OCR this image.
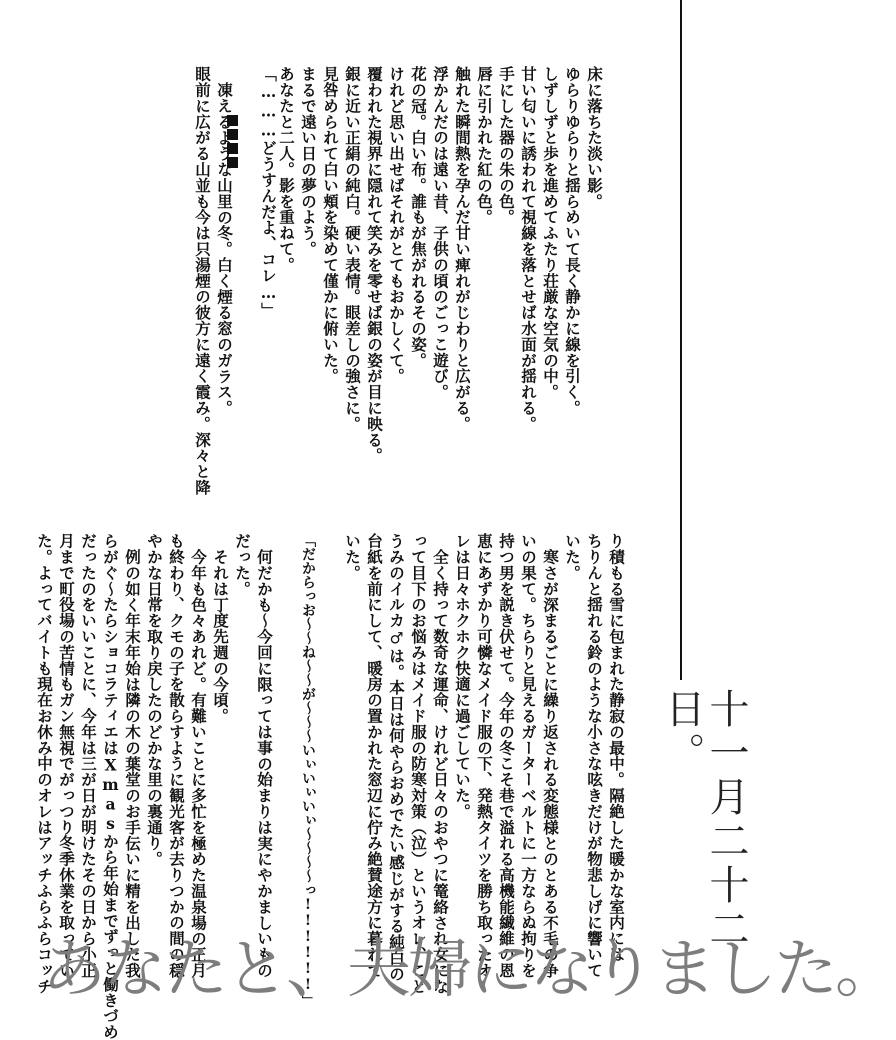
床に落ちた淡い影。

ゆらりゆらりと揺らめいて長く静かに線を引く。

しずしずと歩を進めてふたり荘厳な空気の中。

甘い匂いに誘われて視線を落とせば水面が揺れる。

手にした器の朱の色。

唇に引かれた紅の色。

触れた瞬間熱を孕んだ甘い痺れがじわりと広がる。

浮かんだのは遠い昔、子供の頃のごっこ遊び。

花の冠。白い布。誰もが焦がれるその姿。

けれど思い出せばそれがとてもおかしくて。

覆われた視界に隠れて笑みを零せば銀の姿が目に映る。

銀に近い正絹の純白。硬い表情。眼差しの強さに。

見咎められて白い頬を染めて僅かに俯いた。

まるで遠い日の夢のよう。

あなたと二人。影を重ねて。

「………どうすんだよ、コレ…」

凍えるような山里の冬。白く煙る窓のガラス。

眼前に広がる山並も今は只湯煙の彼方に遠く霞み。深々と降

り積もる雪に包まれた静寂の最中。隔絶した暖かな室内には

ちりんと揺れる鈴のような小さな呟きだけが物悲しげに響いて

いた。

寒さが深まるごとに繰り返される変態様とのとある不毛の争

いの果て。ちらりと見えるガーターベルトに一方ならぬ拘りを

持つ男を説き伏せて。今年の冬こそ巷で溢れる高機能繊維の恩

恵にあずかり可憐なメイド服の下、発熱タイツを勝ち取ったオ

レは日々ホクホク快適に過ごしていた。

全く持って数奇な運命、けれど日々のおやつに篭絡され女にな

って目下のお悩みはメイド服の防寒対策（泣）というオレ、こと

うみのイルカ♂は。本日は何やらおめでたい感じがする純白の

台紙を前にして、暖房の置かれた窓辺に佇み絶賛途方に暮れて

いた。

「だからっお～～ね～～が～～～いぃいぃいぃ～～～～っ!!!!!!」

何だかも～今回に限っては事の始まりは実にやかましいもの

だった。

それは丁度先週の今頃。

今年も色々あれど。有難いことに多忙を極めた温泉場の正月

も終わり、クモの子を散らすように観光客が去りつかの間の穏

やかな日常を取り戻したのどかな里の裏通り。

例の如く年末年始は隣の木の葉堂のお手伝いに精を出した我

らがぐ～たらショコラティエはXmasから年始までずっと働きづめ

だったのをいいことに、今年は三が日が明けたその日から小正

月まで町役場の苦情もガン無視でがっつり冬季休業を取ってい

た。よってバイトも現在お休み中のオレはアッチふらふらコッチ	十一月二十二日。
あなたと、夫婦になりました。
